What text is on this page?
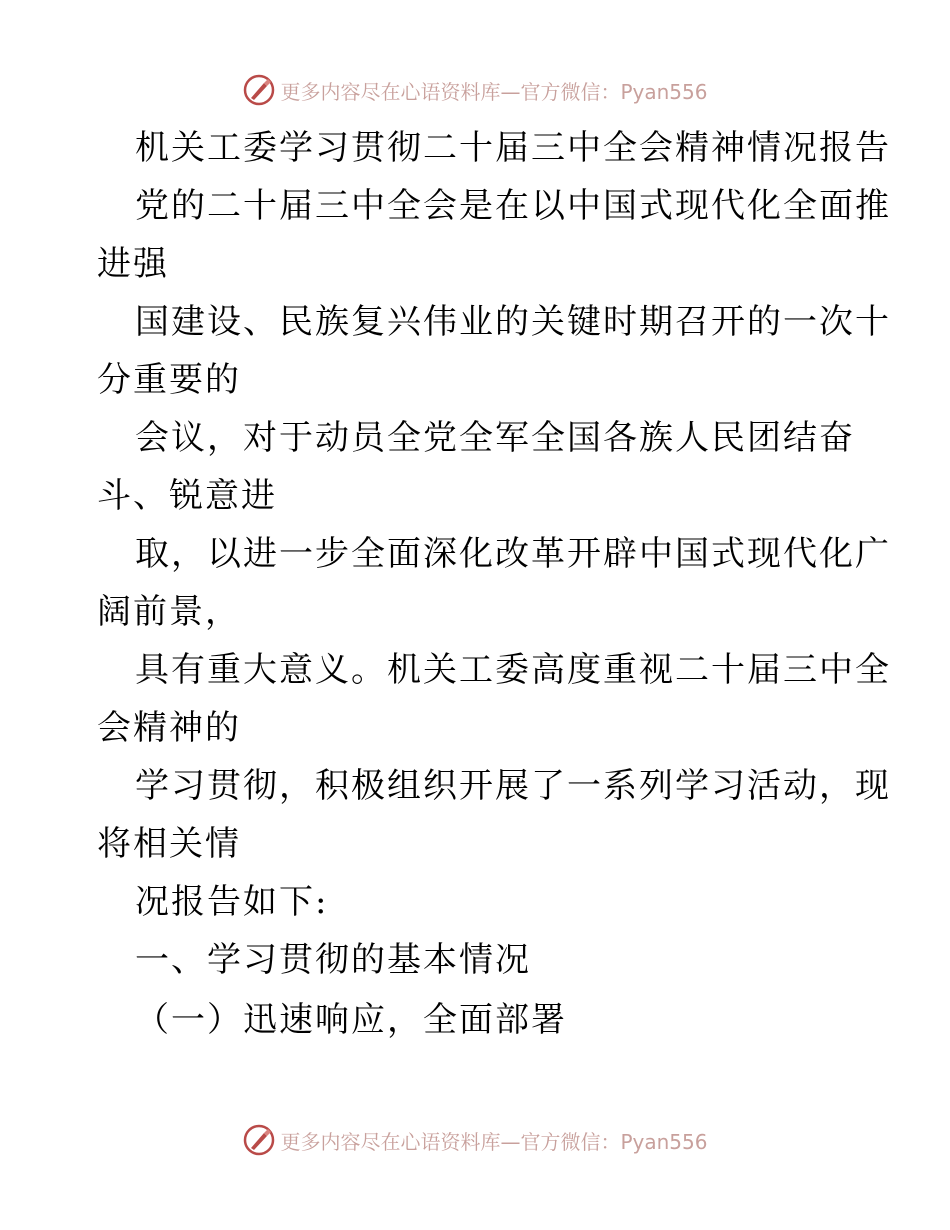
更多内容尽在心语资料库—官方微信：Pyan556
机关工委学习贯彻二十届三中全会精神情况报告
党的二十届三中全会是在以中国式现代化全面推
进强
国建设、民族复兴伟业的关键时期召开的一次十
分重要的
会议，对于动员全党全军全国各族人民团结奋
斗、锐意进
取，以进一步全面深化改革开辟中国式现代化广
阔前景，
具有重大意义。机关工委高度重视二十届三中全
会精神的
学习贯彻，积极组织开展了一系列学习活动，现
将相关情
况报告如下:
一、学习贯彻的基本情况
（一）迅速响应，全面部署
更多内容尽在心语资料库—官方微信：Pyan556
